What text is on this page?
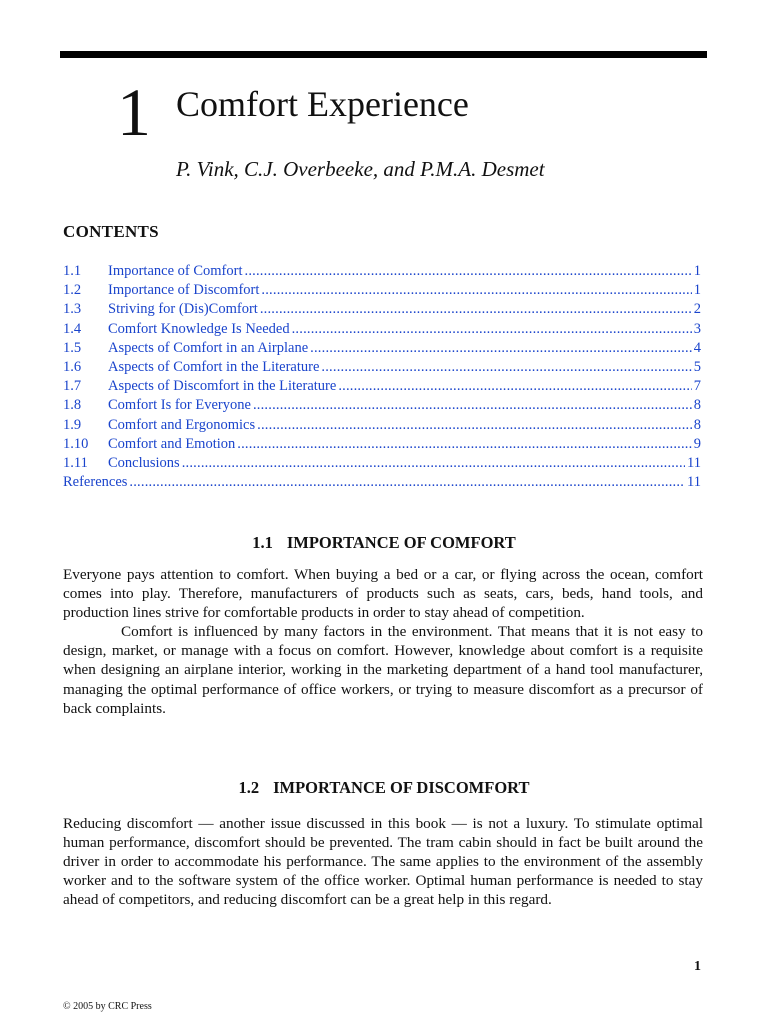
1 Comfort Experience
P. Vink, C.J. Overbeeke, and P.M.A. Desmet
CONTENTS
1.1	Importance of Comfort .....	1
1.2	Importance of Discomfort .....	1
1.3	Striving for (Dis)Comfort .....	2
1.4	Comfort Knowledge Is Needed .....	3
1.5	Aspects of Comfort in an Airplane .....	4
1.6	Aspects of Comfort in the Literature .....	5
1.7	Aspects of Discomfort in the Literature .....	7
1.8	Comfort Is for Everyone .....	8
1.9	Comfort and Ergonomics .....	8
1.10	Comfort and Emotion .....	9
1.11	Conclusions .....	11
References .....	11
1.1 IMPORTANCE OF COMFORT

Everyone pays attention to comfort. When buying a bed or a car, or flying across the ocean, comfort comes into play. Therefore, manufacturers of products such as seats, cars, beds, hand tools, and production lines strive for comfortable products in order to stay ahead of competition.

Comfort is influenced by many factors in the environment. That means that it is not easy to design, market, or manage with a focus on comfort. However, knowledge about comfort is a requisite when designing an airplane interior, working in the marketing department of a hand tool manufacturer, managing the optimal performance of office workers, or trying to measure discomfort as a precursor of back complaints.

1.2 IMPORTANCE OF DISCOMFORT

Reducing discomfort — another issue discussed in this book — is not a luxury. To stimulate optimal human performance, discomfort should be prevented. The tram cabin should in fact be built around the driver in order to accommodate his performance. The same applies to the environment of the assembly worker and to the software system of the office worker. Optimal human performance is needed to stay ahead of competitors, and reducing discomfort can be a great help in this regard.

1
© 2005 by CRC Press
